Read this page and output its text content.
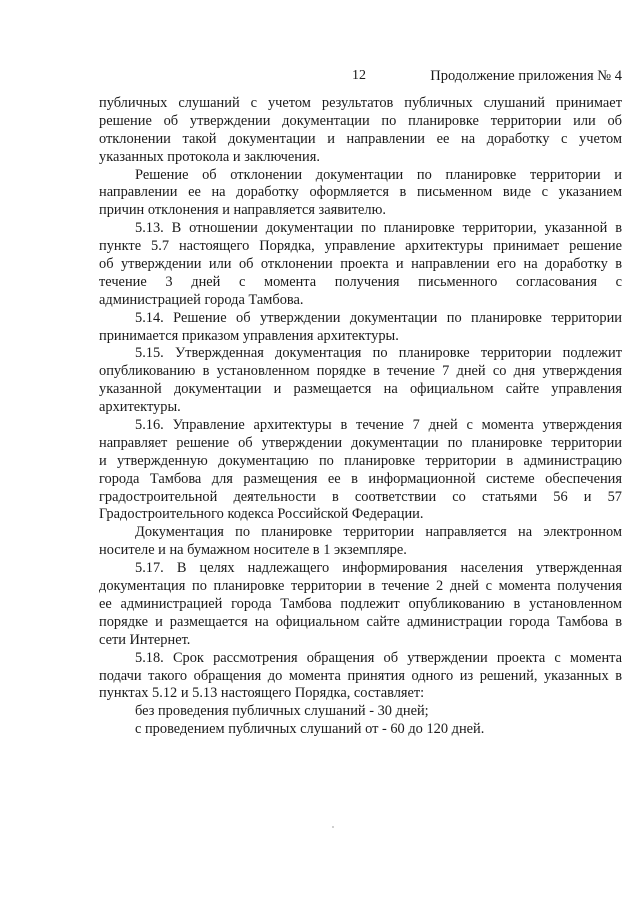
12	Продолжение приложения № 4
публичных слушаний с учетом результатов публичных слушаний принимает
решение об утверждении документации по планировке территории или об
отклонении такой документации и направлении ее на доработку с учетом
указанных протокола и заключения.
Решение об отклонении документации по планировке территории и
направлении ее на доработку оформляется в письменном виде с указанием
причин отклонения и направляется заявителю.
5.13. В отношении документации по планировке территории, указанной в
пункте 5.7 настоящего Порядка, управление архитектуры принимает решение
об утверждении или об отклонении проекта и направлении его на доработку в
течение 3 дней с момента получения письменного согласования с
администрацией города Тамбова.
5.14. Решение об утверждении документации по планировке территории
принимается приказом управления архитектуры.
5.15. Утвержденная документация по планировке территории подлежит
опубликованию в установленном порядке в течение 7 дней со дня утверждения
указанной документации и размещается на официальном сайте управления
архитектуры.
5.16. Управление архитектуры в течение 7 дней с момента утверждения
направляет решение об утверждении документации по планировке территории
и утвержденную документацию по планировке территории в администрацию
города Тамбова для размещения ее в информационной системе обеспечения
градостроительной деятельности в соответствии со статьями 56 и 57
Градостроительного кодекса Российской Федерации.
Документация по планировке территории направляется на электронном
носителе и на бумажном носителе в 1 экземпляре.
5.17. В целях надлежащего информирования населения утвержденная
документация по планировке территории в течение 2 дней с момента получения
ее администрацией города Тамбова подлежит опубликованию в установленном
порядке и размещается на официальном сайте администрации города Тамбова в
сети Интернет.
5.18. Срок рассмотрения обращения об утверждении проекта с момента
подачи такого обращения до момента принятия одного из решений, указанных в
пунктах 5.12 и 5.13 настоящего Порядка, составляет:
без проведения публичных слушаний - 30 дней;
с проведением публичных слушаний от - 60 до 120 дней.
